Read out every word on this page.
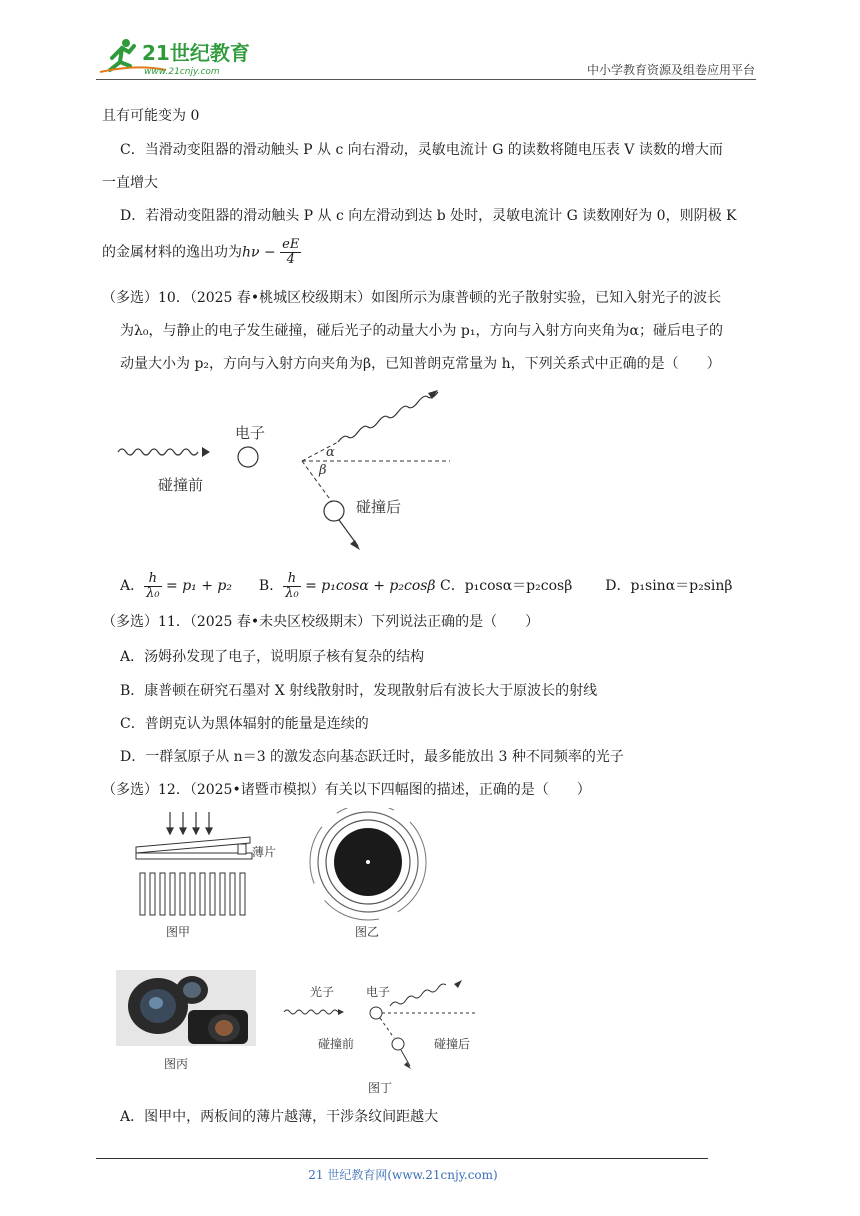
21世纪教育
www.21cnjy.com	中小学教育资源及组卷应用平台
且有可能变为 0
C．当滑动变阻器的滑动触头 P 从 c 向右滑动，灵敏电流计 G 的读数将随电压表 V 读数的增大而
一直增大
D．若滑动变阻器的滑动触头 P 从 c 向左滑动到达 b 处时，灵敏电流计 G 读数刚好为 0，则阴极 K
的金属材料的逸出功为$h\nu - \frac{eE}{4}$
（多选）10．（2025 春•桃城区校级期末）如图所示为康普顿的光子散射实验，已知入射光子的波长
为λ₀，与静止的电子发生碰撞，碰后光子的动量大小为 p₁，方向与入射方向夹角为α；碰后电子的
动量大小为 p₂，方向与入射方向夹角为β，已知普朗克常量为 h，下列关系式中正确的是（　　）
电子
碰撞前
α
β
碰撞后
A． $\frac{h}{\text{λ₀}} = p_1 + p_2$ B． $\frac{h}{\text{λ₀}} = p_1\cos\alpha + p_2\cos\beta$ C．p₁cosα＝p₂cosβ D．p₁sinα＝p₂sinβ
（多选）11．（2025 春•未央区校级期末）下列说法正确的是（　　）
A．汤姆孙发现了电子，说明原子核有复杂的结构
B．康普顿在研究石墨对 X 射线散射时，发现散射后有波长大于原波长的射线
C．普朗克认为黑体辐射的能量是连续的
D．一群氢原子从 n＝3 的激发态向基态跃迁时，最多能放出 3 种不同频率的光子
（多选）12．（2025•诸暨市模拟）有关以下四幅图的描述，正确的是（　　）
薄片
图甲	图乙
图丙
光子	电子
碰撞前	碰撞后
图丁
A．图甲中，两板间的薄片越薄，干涉条纹间距越大
21 世纪教育网(www.21cnjy.com)
